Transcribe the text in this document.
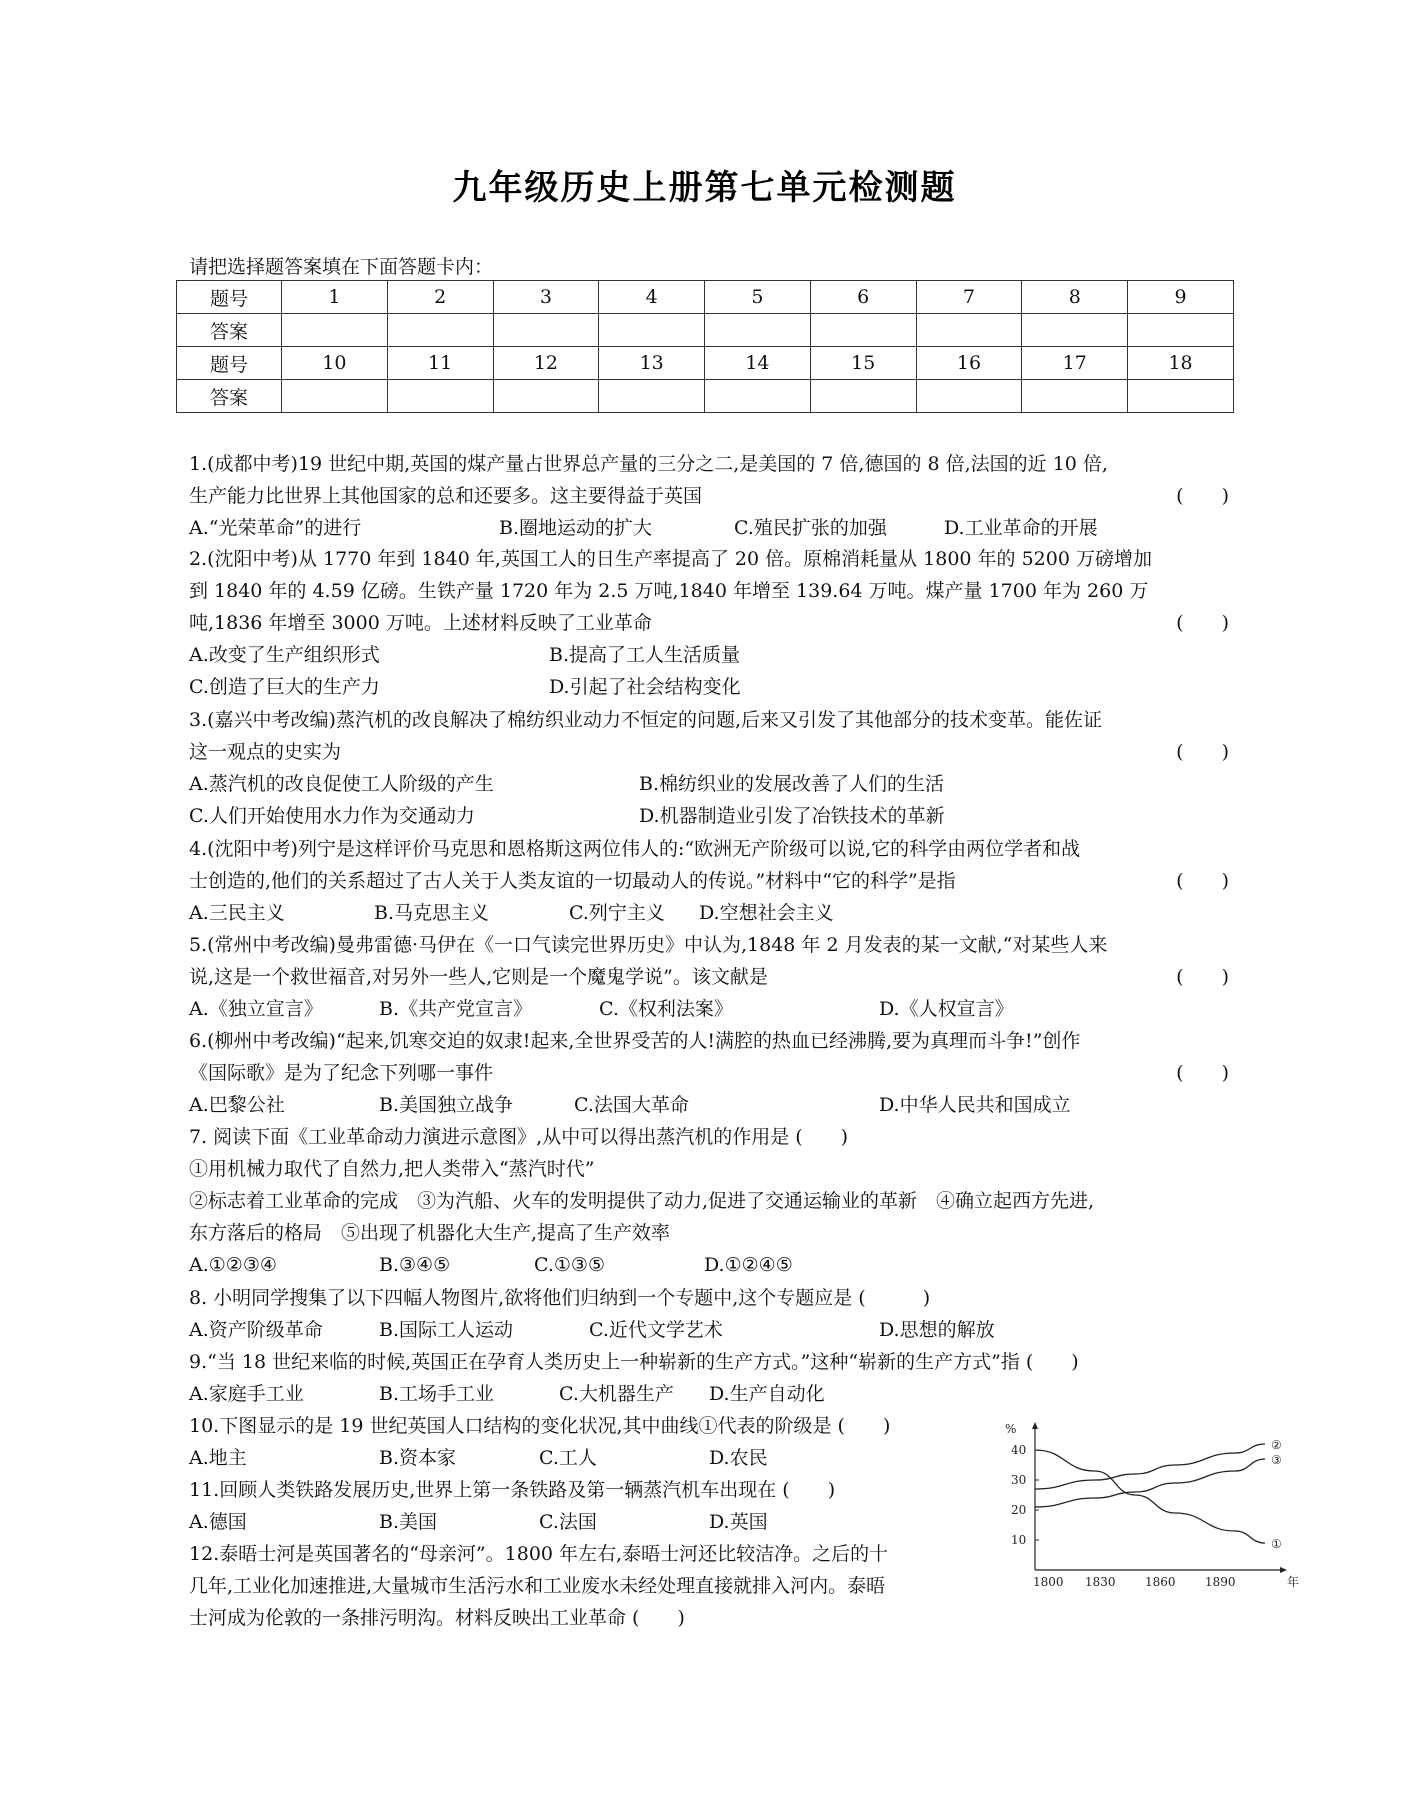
九年级历史上册第七单元检测题
请把选择题答案填在下面答题卡内：
题号	1	2	3	4	5	6	7	8	9
答案									
题号	10	11	12	13	14	15	16	17	18
答案									
1.(成都中考)19 世纪中期,英国的煤产量占世界总产量的三分之二,是美国的 7 倍,德国的 8 倍,法国的近 10 倍,
生产能力比世界上其他国家的总和还要多。这主要得益于英国	(　　)
A.“光荣革命”的进行	B.圈地运动的扩大	C.殖民扩张的加强	D.工业革命的开展
2.(沈阳中考)从 1770 年到 1840 年,英国工人的日生产率提高了 20 倍。原棉消耗量从 1800 年的 5200 万磅增加
到 1840 年的 4.59 亿磅。生铁产量 1720 年为 2.5 万吨,1840 年增至 139.64 万吨。煤产量 1700 年为 260 万
吨,1836 年增至 3000 万吨。上述材料反映了工业革命	(　　)
A.改变了生产组织形式	B.提高了工人生活质量
C.创造了巨大的生产力	D.引起了社会结构变化
3.(嘉兴中考改编)蒸汽机的改良解决了棉纺织业动力不恒定的问题,后来又引发了其他部分的技术变革。能佐证
这一观点的史实为	(　　)
A.蒸汽机的改良促使工人阶级的产生	B.棉纺织业的发展改善了人们的生活
C.人们开始使用水力作为交通动力	D.机器制造业引发了冶铁技术的革新
4.(沈阳中考)列宁是这样评价马克思和恩格斯这两位伟人的:“欧洲无产阶级可以说,它的科学由两位学者和战
士创造的,他们的关系超过了古人关于人类友谊的一切最动人的传说。”材料中“它的科学”是指	(　　)
A.三民主义	B.马克思主义	C.列宁主义 D.空想社会主义
5.(常州中考改编)曼弗雷德·马伊在《一口气读完世界历史》中认为,1848 年 2 月发表的某一文献,“对某些人来
说,这是一个救世福音,对另外一些人,它则是一个魔鬼学说”。该文献是	(　　)
A.《独立宣言》	B.《共产党宣言》	C.《权利法案》	D.《人权宣言》
6.(柳州中考改编)“起来,饥寒交迫的奴隶!起来,全世界受苦的人!满腔的热血已经沸腾,要为真理而斗争!”创作
《国际歌》是为了纪念下列哪一事件	(　　)
A.巴黎公社	B.美国独立战争	C.法国大革命	D.中华人民共和国成立
7. 阅读下面《工业革命动力演进示意图》,从中可以得出蒸汽机的作用是 (　　)
①用机械力取代了自然力,把人类带入“蒸汽时代”
②标志着工业革命的完成　③为汽船、火车的发明提供了动力,促进了交通运输业的革新　④确立起西方先进,
东方落后的格局　⑤出现了机器化大生产,提高了生产效率
A.①②③④	B.③④⑤	C.①③⑤	D.①②④⑤
8. 小明同学搜集了以下四幅人物图片,欲将他们归纳到一个专题中,这个专题应是 (　　　)
A.资产阶级革命	B.国际工人运动	C.近代文学艺术	D.思想的解放
9.“当 18 世纪来临的时候,英国正在孕育人类历史上一种崭新的生产方式。”这种“崭新的生产方式”指 (　　)
A.家庭手工业	B.工场手工业	C.大机器生产 D.生产自动化
10.下图显示的是 19 世纪英国人口结构的变化状况,其中曲线①代表的阶级是 (　　)
A.地主	B.资本家	C.工人	D.农民
11.回顾人类铁路发展历史,世界上第一条铁路及第一辆蒸汽机车出现在 (　　)
A.德国	B.美国	C.法国	D.英国
12.泰晤士河是英国著名的“母亲河”。1800 年左右,泰晤士河还比较洁净。之后的十
几年,工业化加速推进,大量城市生活污水和工业废水未经处理直接就排入河内。泰晤
士河成为伦敦的一条排污明沟。材料反映出工业革命 (　　)
%
年
1800 1830 1860 1890
10
20
30
40
①
②
③
